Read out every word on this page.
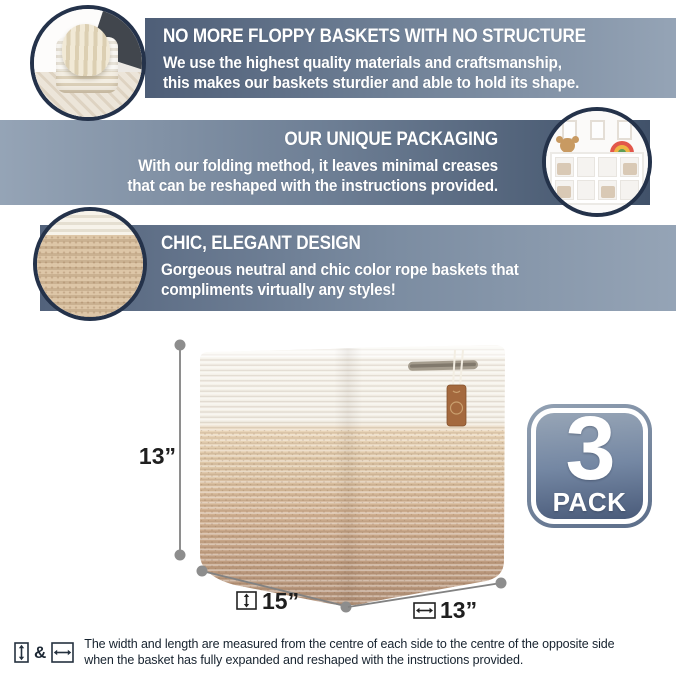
NO MORE FLOPPY BASKETS WITH NO STRUCTURE
We use the highest quality materials and craftsmanship,
this makes our baskets sturdier and able to hold its shape.
OUR UNIQUE PACKAGING
With our folding method, it leaves minimal creases
that can be reshaped with the instructions provided.
CHIC, ELEGANT DESIGN
Gorgeous neutral and chic color rope baskets that
compliments virtually any styles!
13”
15”	13”
3
PACK
&	The width and length are measured from the centre of each side to the centre of the opposite side
when the basket has fully expanded and reshaped with the instructions provided.
